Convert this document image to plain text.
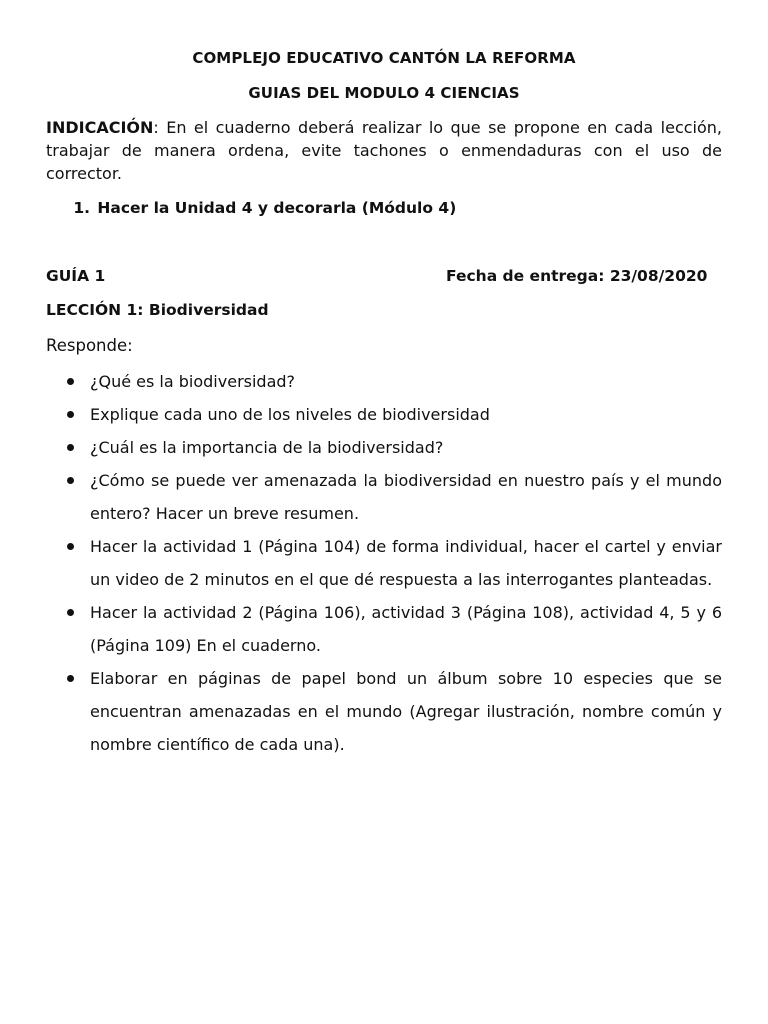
COMPLEJO EDUCATIVO CANTÓN LA REFORMA

GUIAS DEL MODULO 4 CIENCIAS

INDICACIÓN: En el cuaderno deberá realizar lo que se propone en cada lección, trabajar de manera ordena, evite tachones o enmendaduras con el uso de corrector.

1. Hacer la Unidad 4 y decorarla (Módulo 4)
GUÍA 1	Fecha de entrega: 23/08/2020

LECCIÓN 1: Biodiversidad

Responde:

¿Qué es la biodiversidad?
Explique cada uno de los niveles de biodiversidad
¿Cuál es la importancia de la biodiversidad?
¿Cómo se puede ver amenazada la biodiversidad en nuestro país y el mundo entero? Hacer un breve resumen.
Hacer la actividad 1 (Página 104) de forma individual, hacer el cartel y enviar un video de 2 minutos en el que dé respuesta a las interrogantes planteadas.
Hacer la actividad 2 (Página 106), actividad 3 (Página 108), actividad 4, 5 y 6 (Página 109) En el cuaderno.
Elaborar en páginas de papel bond un álbum sobre 10 especies que se encuentran amenazadas en el mundo (Agregar ilustración, nombre común y nombre científico de cada una).
